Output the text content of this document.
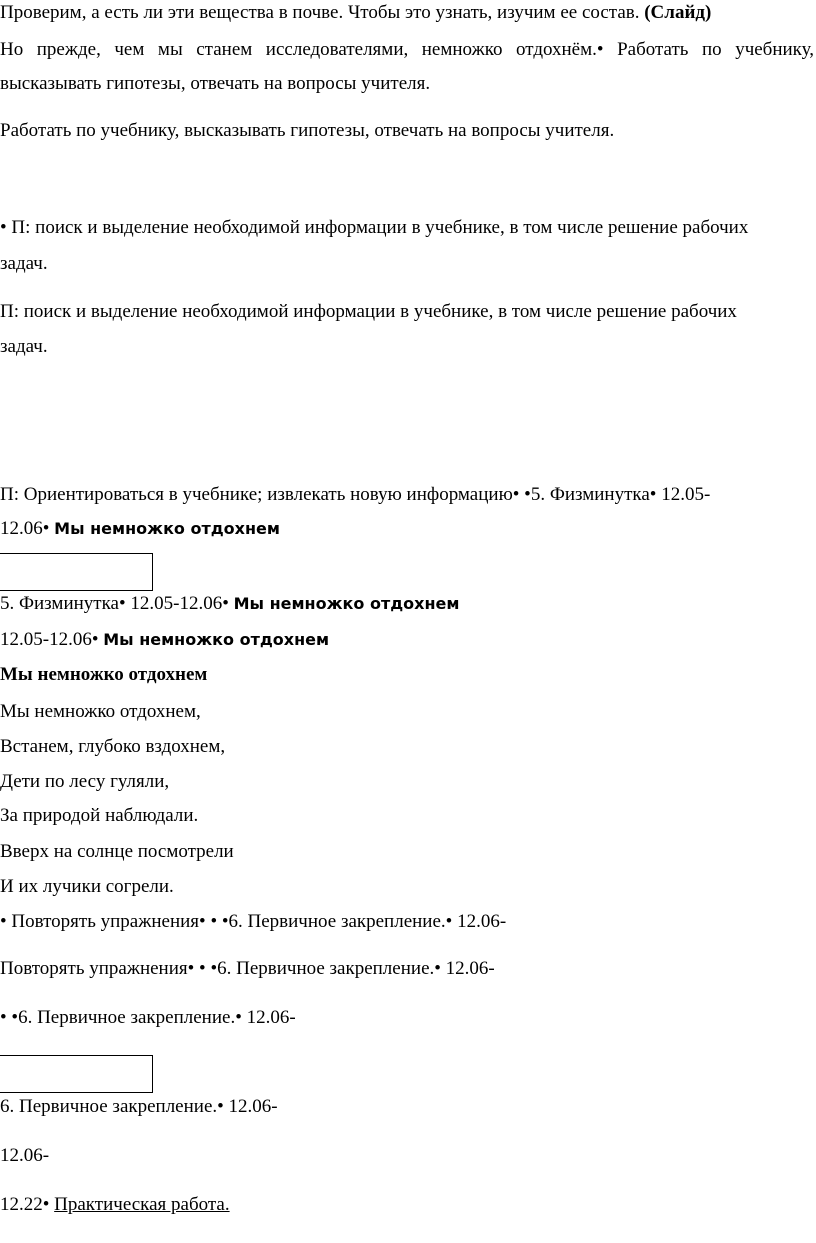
Проверим, а есть ли эти вещества в почве. Чтобы это узнать, изучим ее состав. (Слайд)

Но прежде, чем мы станем исследователями, немножко отдохнём.• Работать по учебнику,

высказывать гипотезы, отвечать на вопросы учителя.

Работать по учебнику, высказывать гипотезы, отвечать на вопросы учителя.

• П: поиск и выделение необходимой информации в учебнике, в том числе решение рабочих

задач.

П: поиск и выделение необходимой информации в учебнике, в том числе решение рабочих

задач.

П: Ориентироваться в учебнике; извлекать новую информацию• •5. Физминутка• 12.05-

12.06• Мы немножко отдохнем

5. Физминутка• 12.05-12.06• Мы немножко отдохнем

12.05-12.06• Мы немножко отдохнем

Мы немножко отдохнем

Мы немножко отдохнем,

Встанем, глубоко вздохнем,

Дети по лесу гуляли,

За природой наблюдали.

Вверх на солнце посмотрели

И их лучики согрели.

• Повторять упражнения• • •6. Первичное закрепление.• 12.06-

Повторять упражнения• • •6. Первичное закрепление.• 12.06-

• •6. Первичное закрепление.• 12.06-

6. Первичное закрепление.• 12.06-

12.06-

12.22• Практическая работа.
